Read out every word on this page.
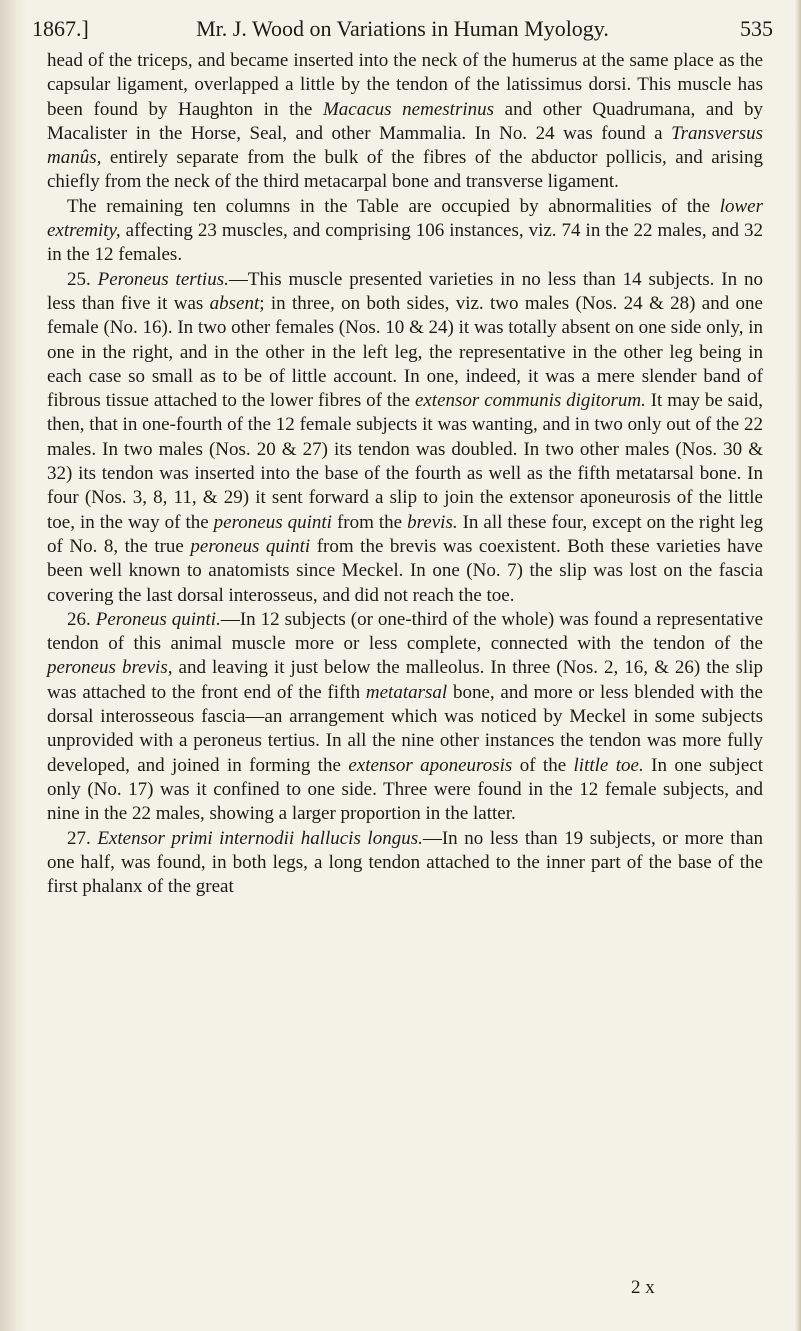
1867.]	Mr. J. Wood on Variations in Human Myology.	535

head of the triceps, and became inserted into the neck of the humerus at the same place as the capsular ligament, overlapped a little by the tendon of the latissimus dorsi. This muscle has been found by Haughton in the Macacus nemestrinus and other Quadrumana, and by Macalister in the Horse, Seal, and other Mammalia. In No. 24 was found a Transversus manûs, entirely separate from the bulk of the fibres of the abductor pollicis, and arising chiefly from the neck of the third metacarpal bone and transverse ligament.

The remaining ten columns in the Table are occupied by abnormalities of the lower extremity, affecting 23 muscles, and comprising 106 instances, viz. 74 in the 22 males, and 32 in the 12 females.

25. Peroneus tertius.—This muscle presented varieties in no less than 14 subjects. In no less than five it was absent; in three, on both sides, viz. two males (Nos. 24 & 28) and one female (No. 16). In two other females (Nos. 10 & 24) it was totally absent on one side only, in one in the right, and in the other in the left leg, the representative in the other leg being in each case so small as to be of little account. In one, indeed, it was a mere slender band of fibrous tissue attached to the lower fibres of the extensor communis digitorum. It may be said, then, that in one-fourth of the 12 female subjects it was wanting, and in two only out of the 22 males. In two males (Nos. 20 & 27) its tendon was doubled. In two other males (Nos. 30 & 32) its tendon was inserted into the base of the fourth as well as the fifth metatarsal bone. In four (Nos. 3, 8, 11, & 29) it sent forward a slip to join the extensor aponeurosis of the little toe, in the way of the peroneus quinti from the brevis. In all these four, except on the right leg of No. 8, the true peroneus quinti from the brevis was coexistent. Both these varieties have been well known to anatomists since Meckel. In one (No. 7) the slip was lost on the fascia covering the last dorsal interosseus, and did not reach the toe.

26. Peroneus quinti.—In 12 subjects (or one-third of the whole) was found a representative tendon of this animal muscle more or less complete, connected with the tendon of the peroneus brevis, and leaving it just below the malleolus. In three (Nos. 2, 16, & 26) the slip was attached to the front end of the fifth metatarsal bone, and more or less blended with the dorsal interosseous fascia—an arrangement which was noticed by Meckel in some subjects unprovided with a peroneus tertius. In all the nine other instances the tendon was more fully developed, and joined in forming the extensor aponeurosis of the little toe. In one subject only (No. 17) was it confined to one side. Three were found in the 12 female subjects, and nine in the 22 males, showing a larger proportion in the latter.

27. Extensor primi internodii hallucis longus.—In no less than 19 subjects, or more than one half, was found, in both legs, a long tendon attached to the inner part of the base of the first phalanx of the great

2 x
